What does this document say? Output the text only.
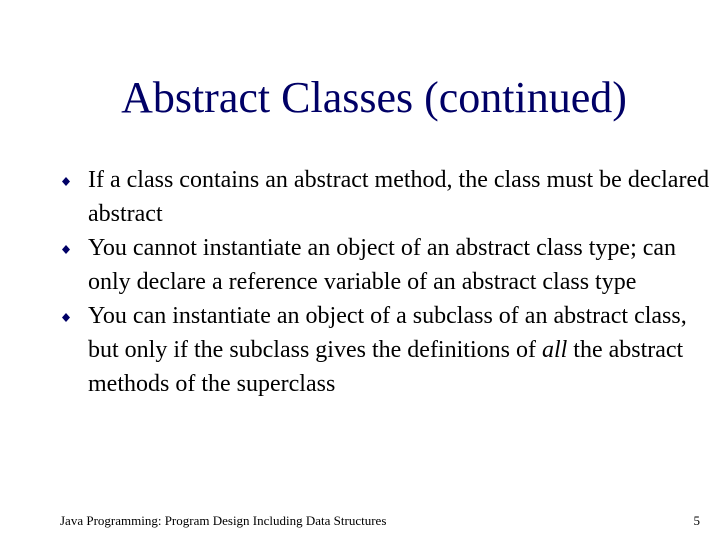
Abstract Classes (continued)
If a class contains an abstract method, the class must be declared abstract
You cannot instantiate an object of an abstract class type; can only declare a reference variable of an abstract class type
You can instantiate an object of a subclass of an abstract class, but only if the subclass gives the definitions of all the abstract methods of the superclass
Java Programming: Program Design Including Data Structures	5
